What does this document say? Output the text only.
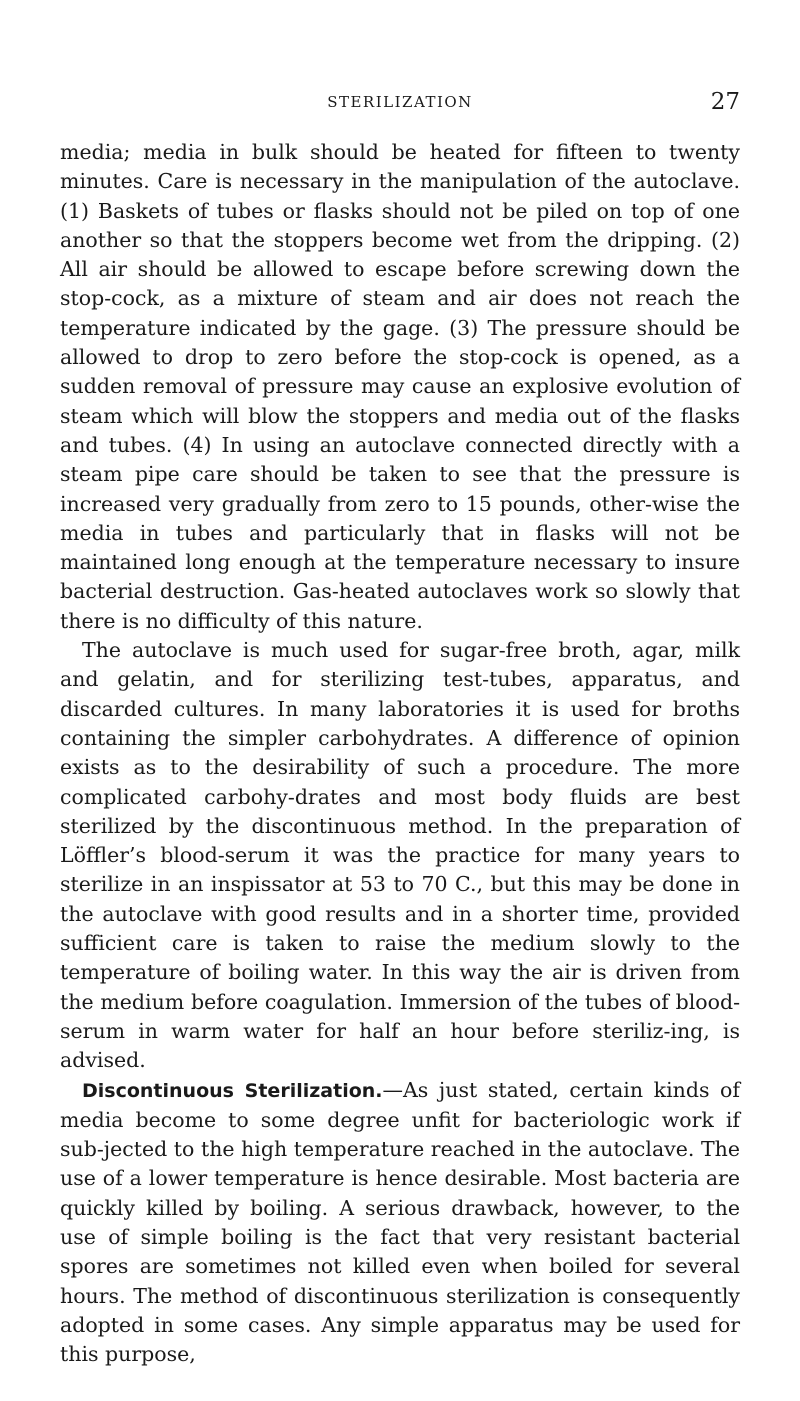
STERILIZATION	27

media; media in bulk should be heated for fifteen to twenty minutes. Care is necessary in the manipulation of the autoclave. (1) Baskets of tubes or flasks should not be piled on top of one another so that the stoppers become wet from the dripping. (2) All air should be allowed to escape before screwing down the stop-cock, as a mixture of steam and air does not reach the temperature indicated by the gage. (3) The pressure should be allowed to drop to zero before the stop-cock is opened, as a sudden removal of pressure may cause an explosive evolution of steam which will blow the stoppers and media out of the flasks and tubes. (4) In using an autoclave connected directly with a steam pipe care should be taken to see that the pressure is increased very gradually from zero to 15 pounds, other-wise the media in tubes and particularly that in flasks will not be maintained long enough at the temperature necessary to insure bacterial destruction. Gas-heated autoclaves work so slowly that there is no difficulty of this nature.

The autoclave is much used for sugar-free broth, agar, milk and gelatin, and for sterilizing test-tubes, apparatus, and discarded cultures. In many laboratories it is used for broths containing the simpler carbohydrates. A difference of opinion exists as to the desirability of such a procedure. The more complicated carbohy-drates and most body fluids are best sterilized by the discontinuous method. In the preparation of Löffler’s blood-serum it was the practice for many years to sterilize in an inspissator at 53 to 70 C., but this may be done in the autoclave with good results and in a shorter time, provided sufficient care is taken to raise the medium slowly to the temperature of boiling water. In this way the air is driven from the medium before coagulation. Immersion of the tubes of blood-serum in warm water for half an hour before steriliz-ing, is advised.

Discontinuous Sterilization.—As just stated, certain kinds of media become to some degree unfit for bacteriologic work if sub-jected to the high temperature reached in the autoclave. The use of a lower temperature is hence desirable. Most bacteria are quickly killed by boiling. A serious drawback, however, to the use of simple boiling is the fact that very resistant bacterial spores are sometimes not killed even when boiled for several hours. The method of discontinuous sterilization is consequently adopted in some cases. Any simple apparatus may be used for this purpose,
